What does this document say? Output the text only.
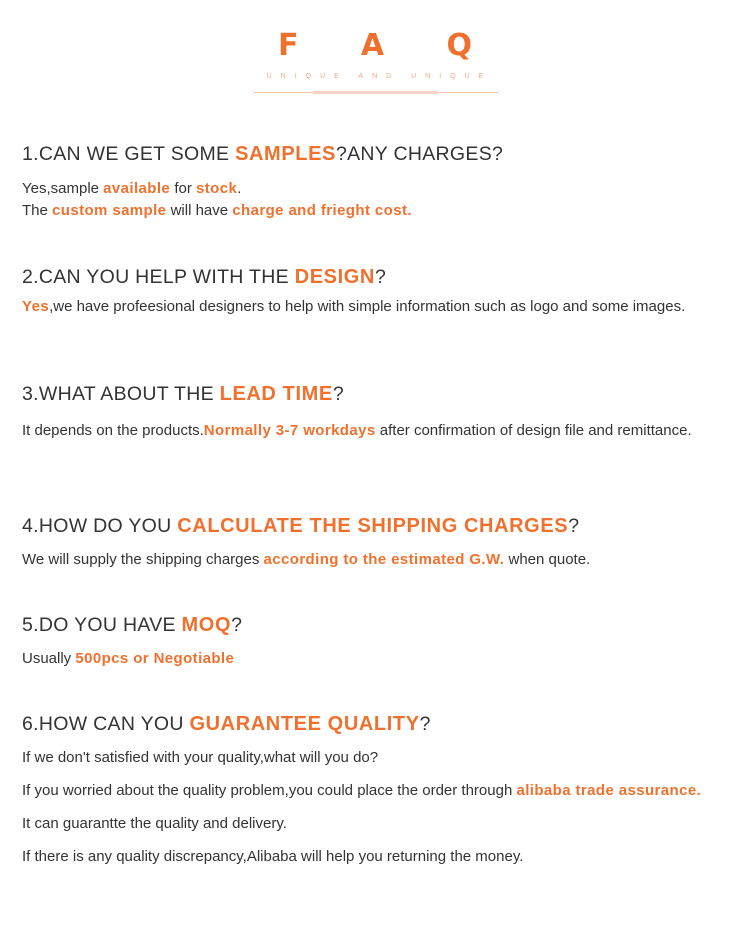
F A Q
UNIQUE AND UNIQUE

1.CAN WE GET SOME SAMPLES?ANY CHARGES?

Yes,sample available for stock.

The custom sample will have charge and frieght cost.

2.CAN YOU HELP WITH THE DESIGN?

Yes,we have profeesional designers to help with simple information such as logo and some images.

3.WHAT ABOUT THE LEAD TIME?

It depends on the products.Normally 3-7 workdays after confirmation of design file and remittance.

4.HOW DO YOU CALCULATE THE SHIPPING CHARGES?

We will supply the shipping charges according to the estimated G.W. when quote.

5.DO YOU HAVE MOQ?

Usually 500pcs or Negotiable

6.HOW CAN YOU GUARANTEE QUALITY?

If we don't satisfied with your quality,what will you do?

If you worried about the quality problem,you could place the order through alibaba trade assurance.

It can guarantte the quality and delivery.

If there is any quality discrepancy,Alibaba will help you returning the money.
